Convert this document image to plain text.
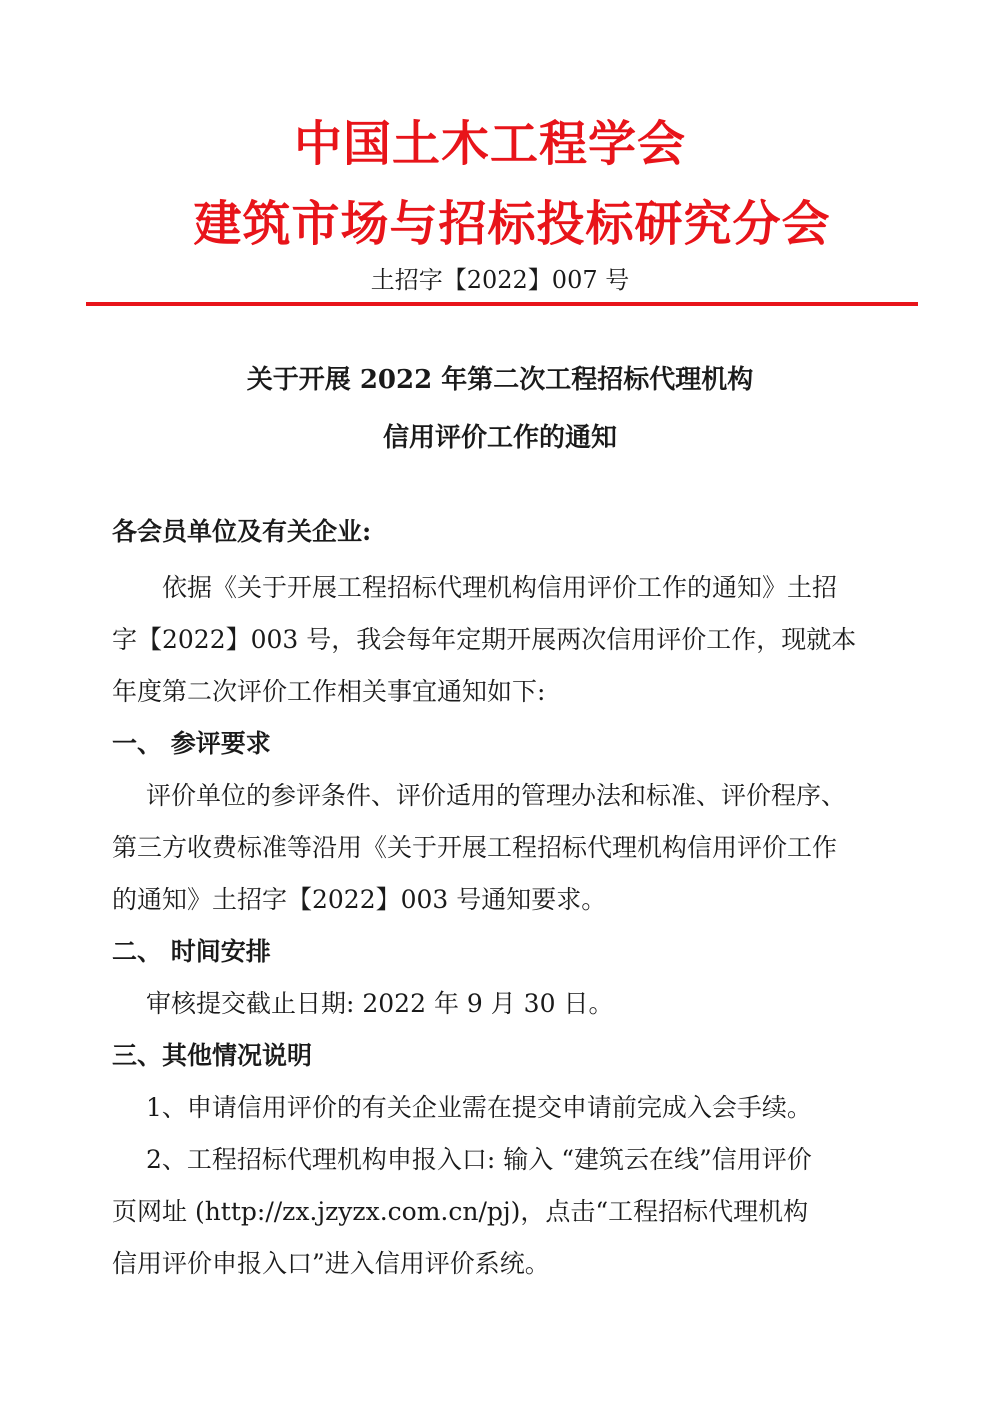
中国土木工程学会
建筑市场与招标投标研究分会
土招字【2022】007 号
关于开展 2022 年第二次工程招标代理机构
信用评价工作的通知
各会员单位及有关企业:
依据《关于开展工程招标代理机构信用评价工作的通知》土招
字【2022】003 号，我会每年定期开展两次信用评价工作，现就本
年度第二次评价工作相关事宜通知如下:
一、 参评要求
评价单位的参评条件、评价适用的管理办法和标准、评价程序、
第三方收费标准等沿用《关于开展工程招标代理机构信用评价工作
的通知》土招字【2022】003 号通知要求。
二、 时间安排
审核提交截止日期: 2022 年 9 月 30 日。
三、其他情况说明
1、申请信用评价的有关企业需在提交申请前完成入会手续。
2、工程招标代理机构申报入口: 输入 “建筑云在线”信用评价
页网址 (http://zx.jzyzx.com.cn/pj)，点击“工程招标代理机构
信用评价申报入口”进入信用评价系统。
